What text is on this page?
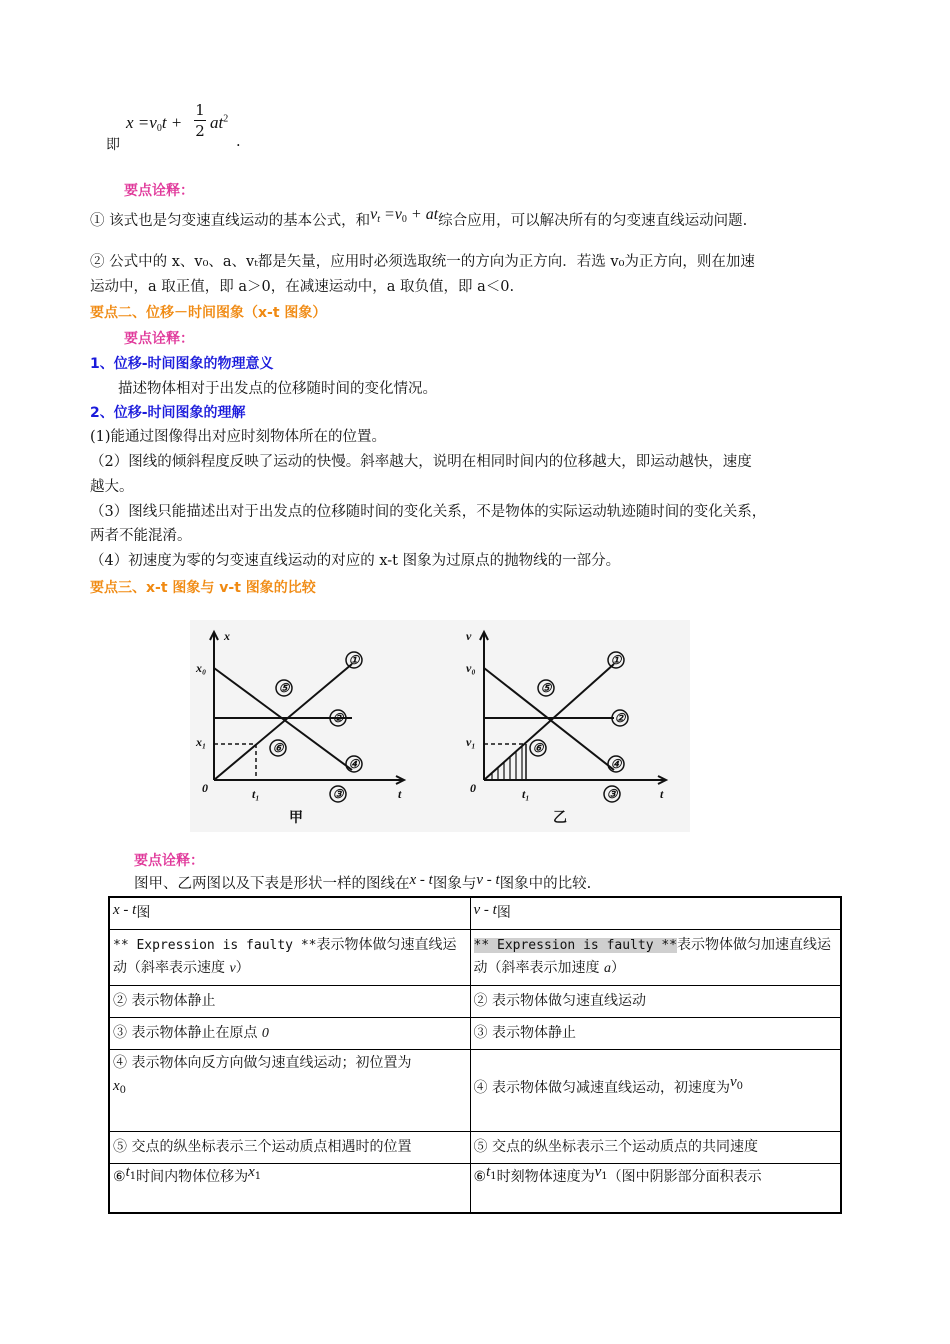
即
$x =v_0t$ +
1
2 $at^2$
.
要点诠释：
① 该式也是匀变速直线运动的基本公式，和$v_t =v_0$ + at综合应用，可以解决所有的匀变速直线运动问题.
② 公式中的 x、v₀、a、vₜ都是矢量，应用时必须选取统一的方向为正方向．若选 v₀为正方向，则在加速
运动中，a 取正值，即 a＞0，在减速运动中，a 取负值，即 a＜0.
要点二、位移－时间图象（x-t 图象）
要点诠释：
1、位移-时间图象的物理意义
描述物体相对于出发点的位移随时间的变化情况。
2、位移-时间图象的理解
(1)能通过图像得出对应时刻物体所在的位置。
（2）图线的倾斜程度反映了运动的快慢。斜率越大，说明在相同时间内的位移越大，即运动越快，速度
越大。
（3）图线只能描述出对于出发点的位移随时间的变化关系，不是物体的实际运动轨迹随时间的变化关系，
两者不能混淆。
（4）初速度为零的匀变速直线运动的对应的 x-t 图象为过原点的抛物线的一部分。
要点三、x-t 图象与 v-t 图象的比较
①
⑤
②
⑥
④
③
①
⑤
②
⑥
④
③
x
x₀
x₁
0	t₁	t
v
v₀
v₁
0	t₁	t
甲	乙
要点诠释：
图甲、乙两图以及下表是形状一样的图线在x - t图象与v - t图象中的比较.
x - t图	v - t图
** Expression is faulty **表示物体做匀速直线运动（斜率表示速度 v）	** Expression is faulty **表示物体做匀加速直线运动（斜率表示加速度 a）
② 表示物体静止	② 表示物体做匀速直线运动
③ 表示物体静止在原点 0	③ 表示物体静止
④ 表示物体向反方向做匀速直线运动；初位置为
$x_0$	④ 表示物体做匀减速直线运动，初速度为$v^0$
⑤ 交点的纵坐标表示三个运动质点相遇时的位置	⑤ 交点的纵坐标表示三个运动质点的共同速度
$⑥t_1$时间内物体位移为$x_1$	$⑥t_1$时刻物体速度为$v_1$（图中阴影部分面积表示
